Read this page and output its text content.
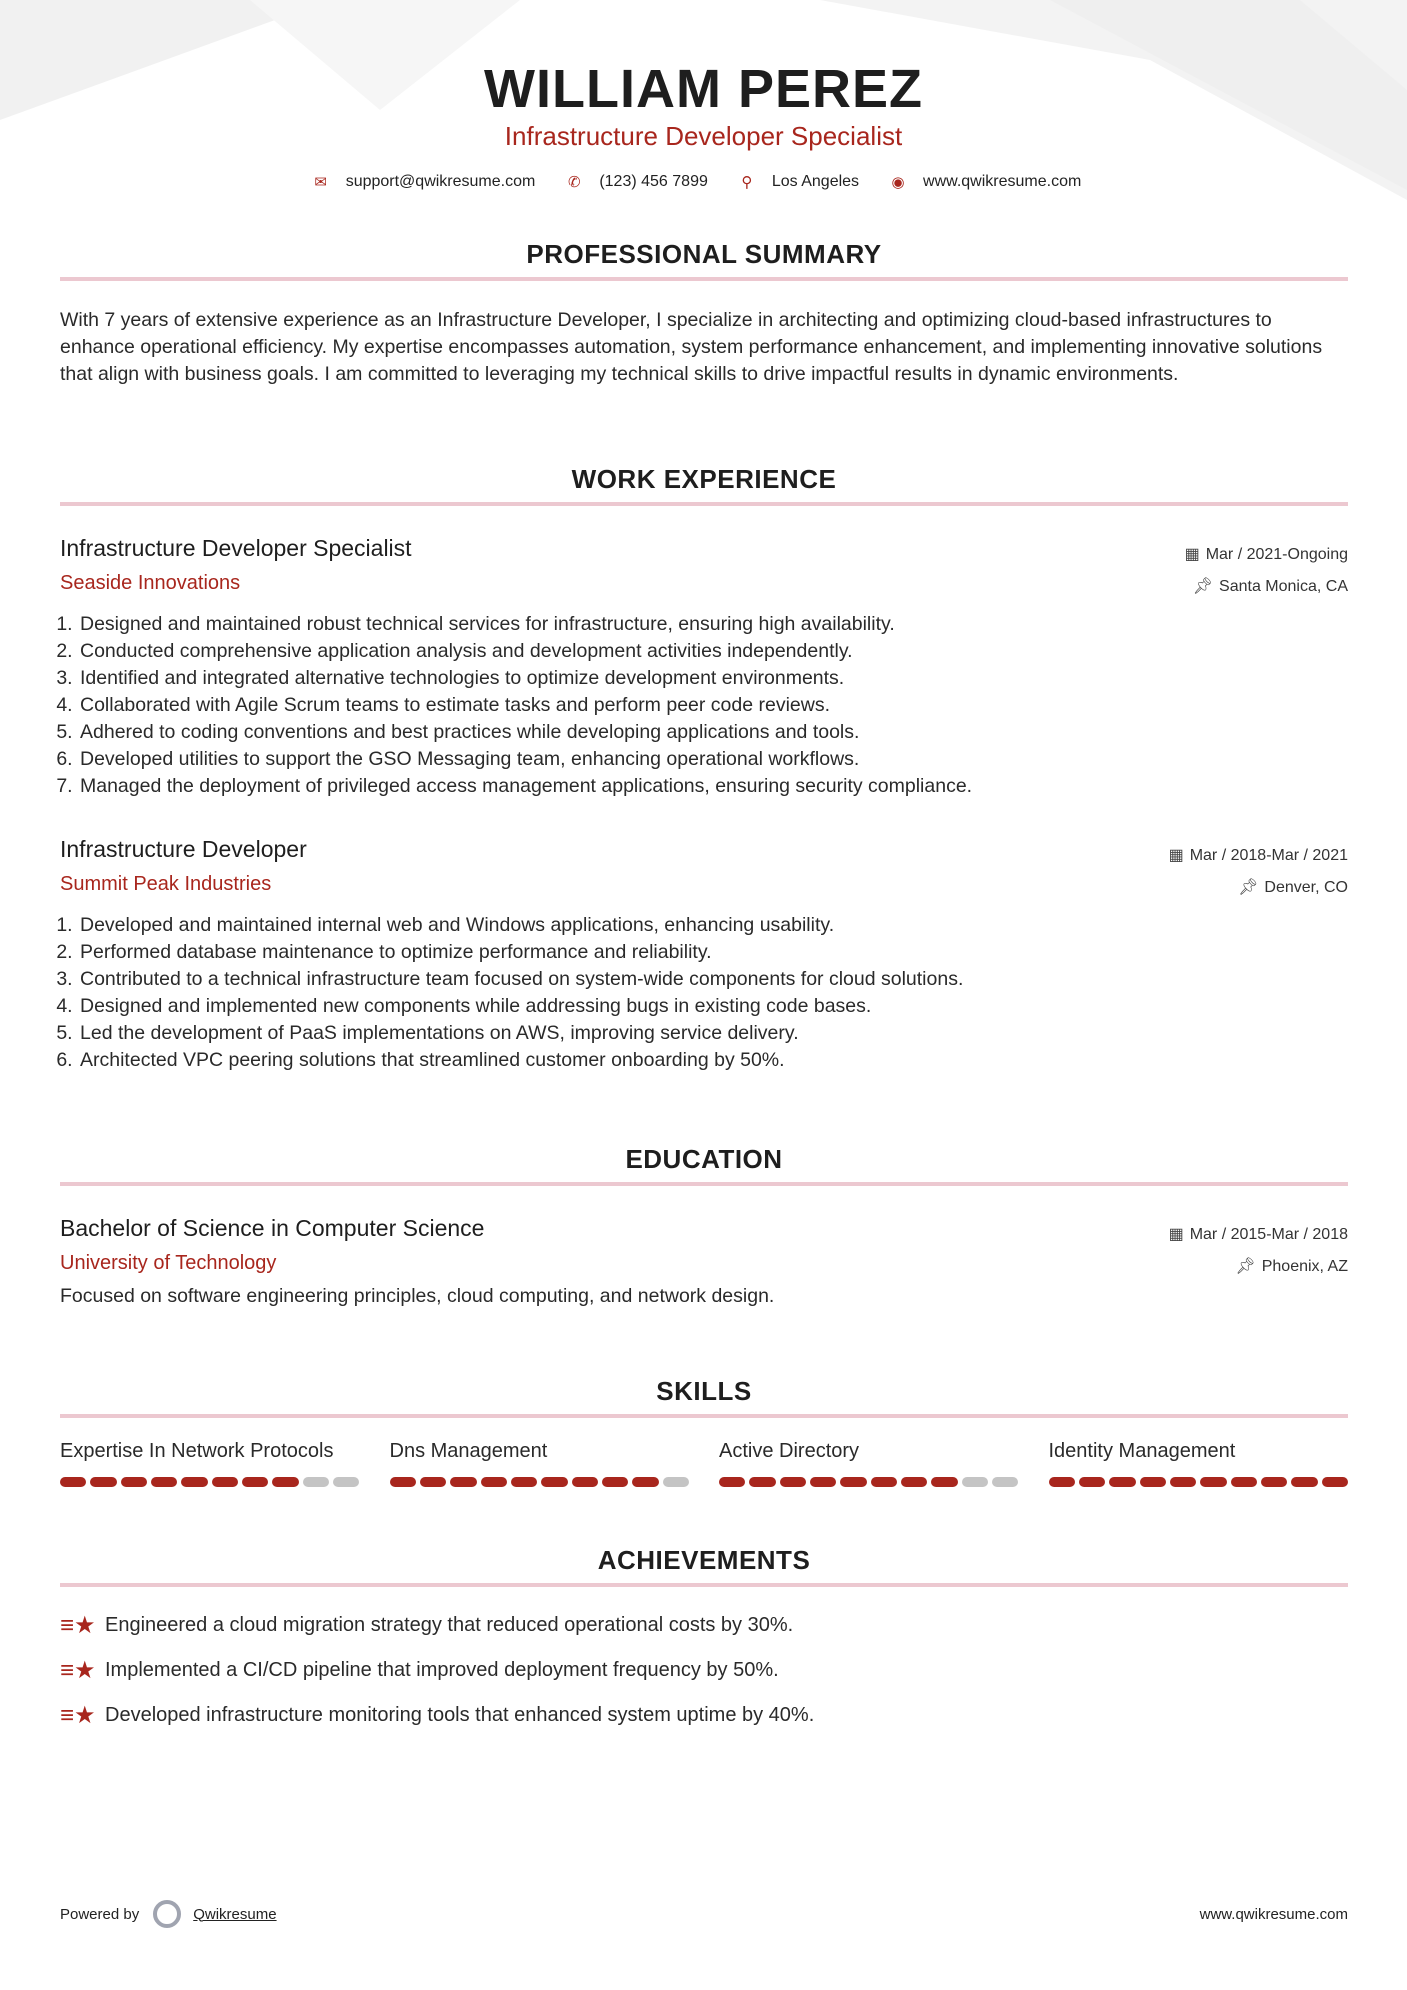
WILLIAM PEREZ
Infrastructure Developer Specialist
✉ support@qwikresume.com ✆ (123) 456 7899 ⚲ Los Angeles ◉ www.qwikresume.com
PROFESSIONAL SUMMARY

With 7 years of extensive experience as an Infrastructure Developer, I specialize in architecting and optimizing cloud-based infrastructures to enhance operational efficiency. My expertise encompasses automation, system performance enhancement, and implementing innovative solutions that align with business goals. I am committed to leveraging my technical skills to drive impactful results in dynamic environments.

WORK EXPERIENCE
Infrastructure Developer Specialist
Seaside Innovations
▦ Mar / 2021-Ongoing
📌︎ Santa Monica, CA
1. Designed and maintained robust technical services for infrastructure, ensuring high availability.
2. Conducted comprehensive application analysis and development activities independently.
3. Identified and integrated alternative technologies to optimize development environments.
4. Collaborated with Agile Scrum teams to estimate tasks and perform peer code reviews.
5. Adhered to coding conventions and best practices while developing applications and tools.
6. Developed utilities to support the GSO Messaging team, enhancing operational workflows.
7. Managed the deployment of privileged access management applications, ensuring security compliance.
Infrastructure Developer
Summit Peak Industries
▦ Mar / 2018-Mar / 2021
📌︎ Denver, CO
1. Developed and maintained internal web and Windows applications, enhancing usability.
2. Performed database maintenance to optimize performance and reliability.
3. Contributed to a technical infrastructure team focused on system-wide components for cloud solutions.
4. Designed and implemented new components while addressing bugs in existing code bases.
5. Led the development of PaaS implementations on AWS, improving service delivery.
6. Architected VPC peering solutions that streamlined customer onboarding by 50%.
EDUCATION
Bachelor of Science in Computer Science
University of Technology
▦ Mar / 2015-Mar / 2018
📌︎ Phoenix, AZ

Focused on software engineering principles, cloud computing, and network design.

SKILLS
Expertise In Network Protocols	Dns Management	Active Directory	Identity Management
ACHIEVEMENTS
≡★ Engineered a cloud migration strategy that reduced operational costs by 30%.
≡★ Implemented a CI/CD pipeline that improved deployment frequency by 50%.
≡★ Developed infrastructure monitoring tools that enhanced system uptime by 40%.
Powered by	Qwikresume	www.qwikresume.com
